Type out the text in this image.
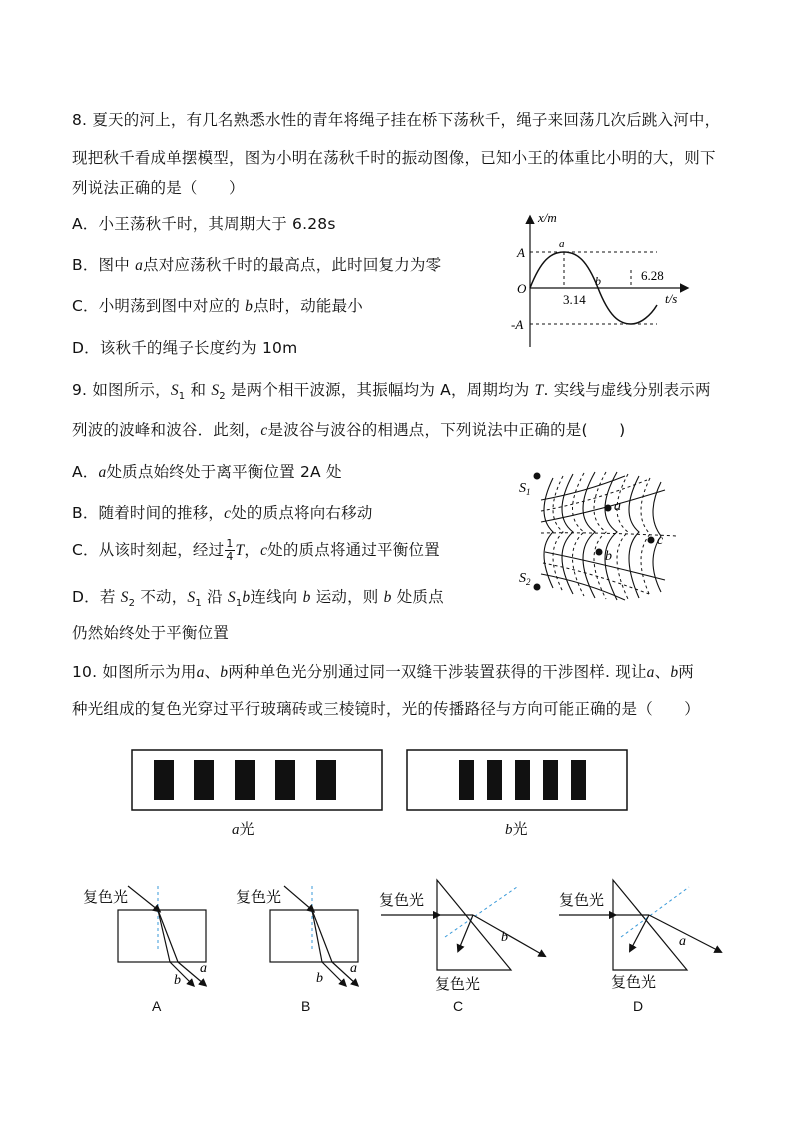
8. 夏天的河上，有几名熟悉水性的青年将绳子挂在桥下荡秋千，绳子来回荡几次后跳入河中，
现把秋千看成单摆模型，图为小明在荡秋千时的振动图像，已知小王的体重比小明的大，则下
列说法正确的是（　　）
A．小王荡秋千时，其周期大于 6.28s
B．图中 a点对应荡秋千时的最高点，此时回复力为零
C．小明荡到图中对应的 b点时，动能最小
D．该秋千的绳子长度约为 10m
x/m
t/s
O
A
-A
a
b
3.14
6.28
9. 如图所示，$S_1$ 和 $S_2$ 是两个相干波源，其振幅均为 A，周期均为 T. 实线与虚线分别表示两
列波的波峰和波谷．此刻，c是波谷与波谷的相遇点，下列说法中正确的是(　　)
A．a处质点始终处于离平衡位置 2A 处
B．随着时间的推移，c处的质点将向右移动
C．从该时刻起，经过 $\frac{1}{4}$ T，c处的质点将通过平衡位置
D．若 $S_2$ 不动，$S_1$ 沿 $S_1b$连线向 b 运动，则 b 处质点
仍然始终处于平衡位置
$S_1$
$S_2$
a
b
c
10. 如图所示为用a、b两种单色光分别通过同一双缝干涉装置获得的干涉图样. 现让a、b两
种光组成的复色光穿过平行玻璃砖或三棱镜时，光的传播路径与方向可能正确的是（　　）
a光	b光
复色光
b
a
A
复色光
b
a
B
复色光
b
复色光
C
复色光
a
复色光
D
